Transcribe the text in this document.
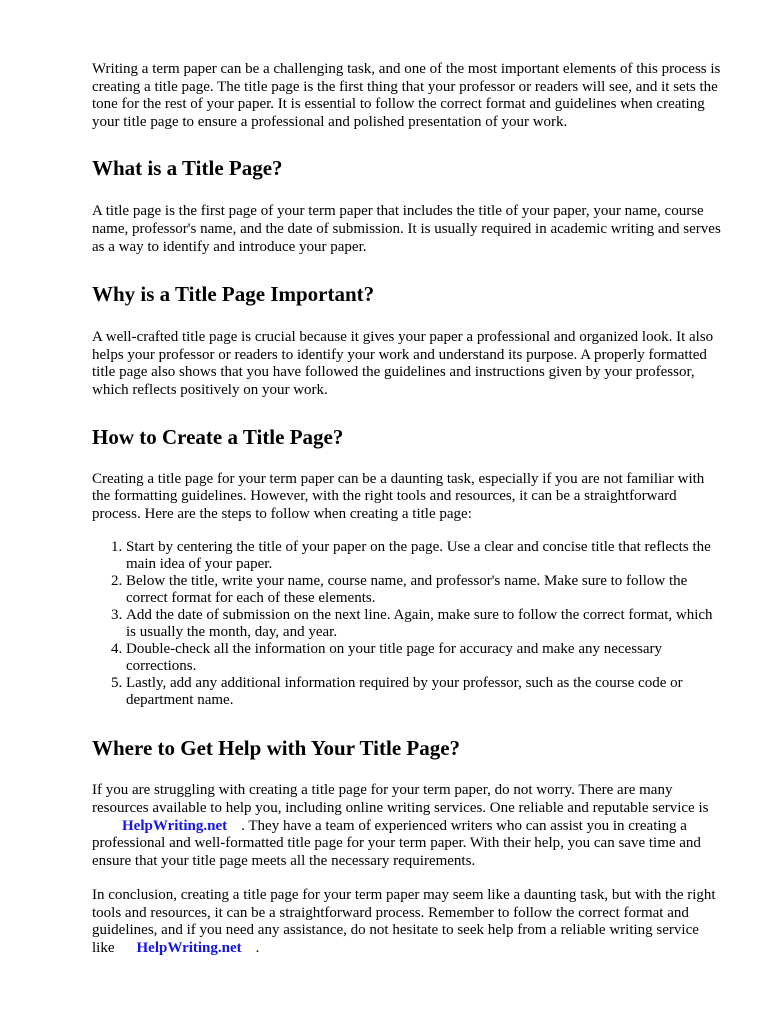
Writing a term paper can be a challenging task, and one of the most important elements of this process is creating a title page. The title page is the first thing that your professor or readers will see, and it sets the tone for the rest of your paper. It is essential to follow the correct format and guidelines when creating your title page to ensure a professional and polished presentation of your work.

What is a Title Page?

A title page is the first page of your term paper that includes the title of your paper, your name, course name, professor's name, and the date of submission. It is usually required in academic writing and serves as a way to identify and introduce your paper.

Why is a Title Page Important?

A well-crafted title page is crucial because it gives your paper a professional and organized look. It also helps your professor or readers to identify your work and understand its purpose. A properly formatted title page also shows that you have followed the guidelines and instructions given by your professor, which reflects positively on your work.

How to Create a Title Page?

Creating a title page for your term paper can be a daunting task, especially if you are not familiar with the formatting guidelines. However, with the right tools and resources, it can be a straightforward process. Here are the steps to follow when creating a title page:

1. Start by centering the title of your paper on the page. Use a clear and concise title that reflects the main idea of your paper.
2. Below the title, write your name, course name, and professor's name. Make sure to follow the correct format for each of these elements.
3. Add the date of submission on the next line. Again, make sure to follow the correct format, which is usually the month, day, and year.
4. Double-check all the information on your title page for accuracy and make any necessary corrections.
5. Lastly, add any additional information required by your professor, such as the course code or department name.
Where to Get Help with Your Title Page?

If you are struggling with creating a title page for your term paper, do not worry. There are many resources available to help you, including online writing services. One reliable and reputable service isHelpWriting.net . They have a team of experienced writers who can assist you in creating a professional and well-formatted title page for your term paper. With their help, you can save time and ensure that your title page meets all the necessary requirements.

In conclusion, creating a title page for your term paper may seem like a daunting task, but with the right tools and resources, it can be a straightforward process. Remember to follow the correct format and guidelines, and if you need any assistance, do not hesitate to seek help from a reliable writing service like HelpWriting.net .
